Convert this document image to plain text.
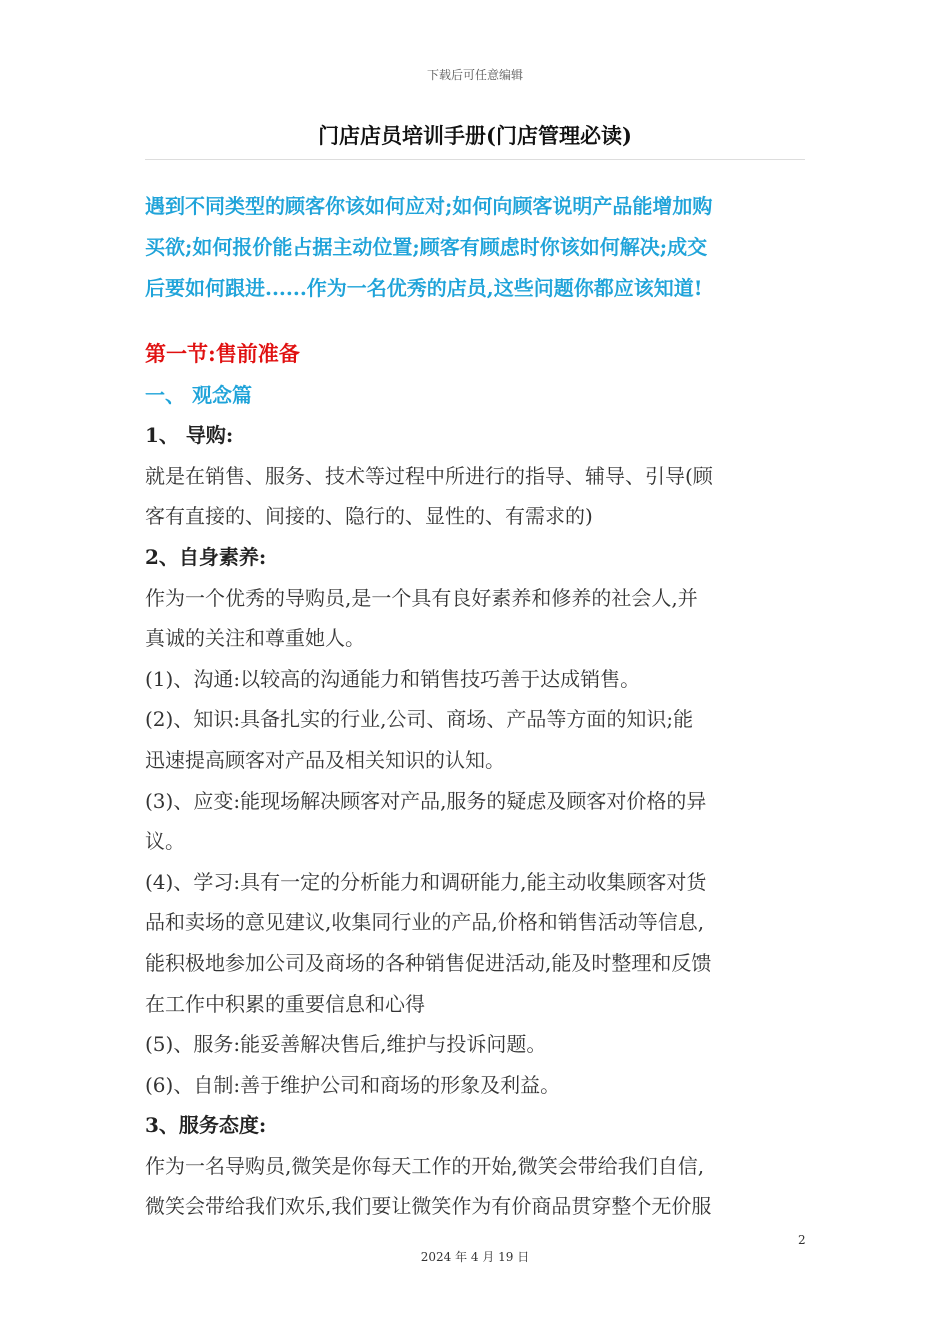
下载后可任意编辑
门店店员培训手册(门店管理必读)
遇到不同类型的顾客你该如何应对;如何向顾客说明产品能增加购
买欲;如何报价能占据主动位置;顾客有顾虑时你该如何解决;成交
后要如何跟进......作为一名优秀的店员,这些问题你都应该知道!
第一节:售前准备
一、 观念篇
1、 导购:
就是在销售、服务、技术等过程中所进行的指导、辅导、引导(顾
客有直接的、间接的、隐行的、显性的、有需求的)
2、自身素养:
作为一个优秀的导购员,是一个具有良好素养和修养的社会人,并
真诚的关注和尊重她人。
(1)、沟通:以较高的沟通能力和销售技巧善于达成销售。
(2)、知识:具备扎实的行业,公司、商场、产品等方面的知识;能
迅速提高顾客对产品及相关知识的认知。
(3)、应变:能现场解决顾客对产品,服务的疑虑及顾客对价格的异
议。
(4)、学习:具有一定的分析能力和调研能力,能主动收集顾客对货
品和卖场的意见建议,收集同行业的产品,价格和销售活动等信息,
能积极地参加公司及商场的各种销售促进活动,能及时整理和反馈
在工作中积累的重要信息和心得
(5)、服务:能妥善解决售后,维护与投诉问题。
(6)、自制:善于维护公司和商场的形象及利益。
3、服务态度:
作为一名导购员,微笑是你每天工作的开始,微笑会带给我们自信,
微笑会带给我们欢乐,我们要让微笑作为有价商品贯穿整个无价服
2
2024 年 4 月 19 日
